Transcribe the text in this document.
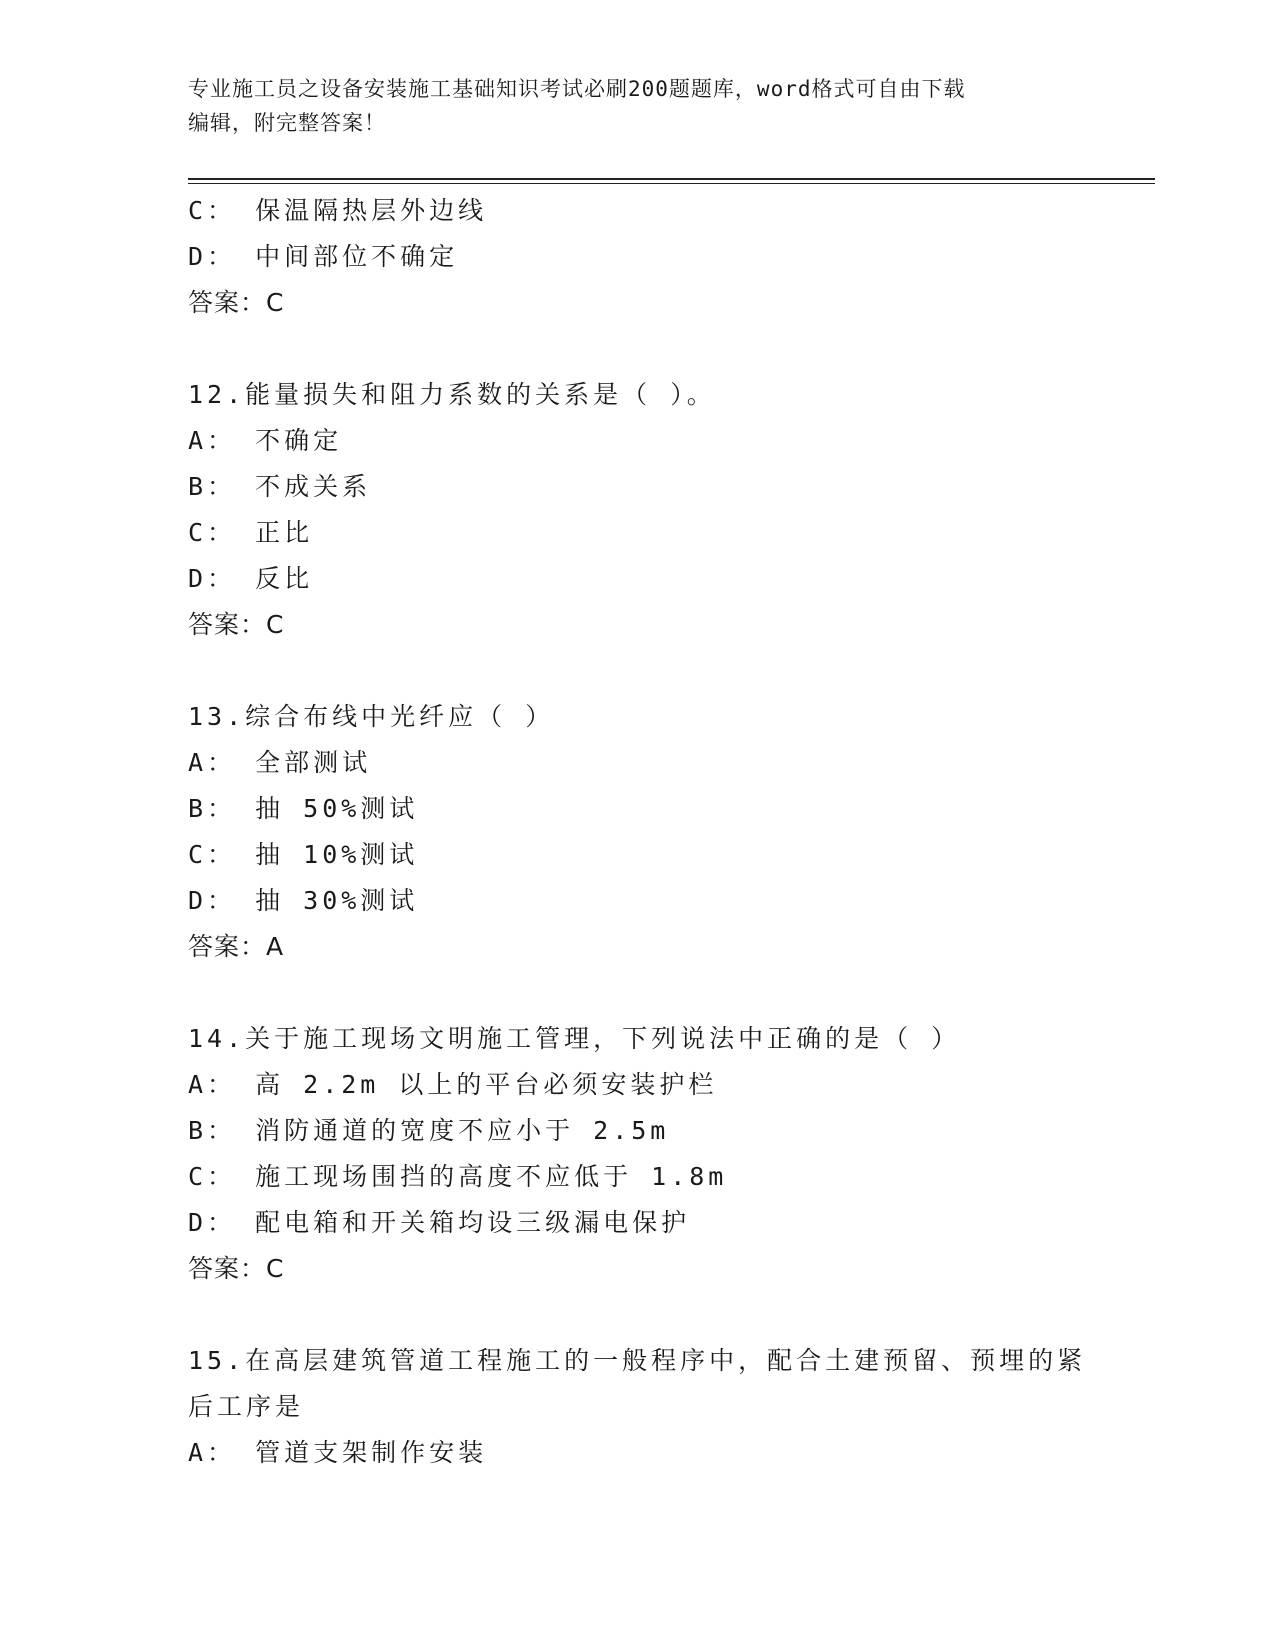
专业施工员之设备安装施工基础知识考试必刷200题题库，word格式可自由下载
编辑，附完整答案！
C： 保温隔热层外边线
D： 中间部位不确定
答案：C
12.能量损失和阻力系数的关系是（ ）。
A： 不确定
B： 不成关系
C： 正比
D： 反比
答案：C
13.综合布线中光纤应（ ）
A： 全部测试
B： 抽 50%测试
C： 抽 10%测试
D： 抽 30%测试
答案：A
14.关于施工现场文明施工管理，下列说法中正确的是（ ）
A： 高 2.2m 以上的平台必须安装护栏
B： 消防通道的宽度不应小于 2.5m
C： 施工现场围挡的高度不应低于 1.8m
D： 配电箱和开关箱均设三级漏电保护
答案：C
15.在高层建筑管道工程施工的一般程序中，配合土建预留、预埋的紧
后工序是
A： 管道支架制作安装
